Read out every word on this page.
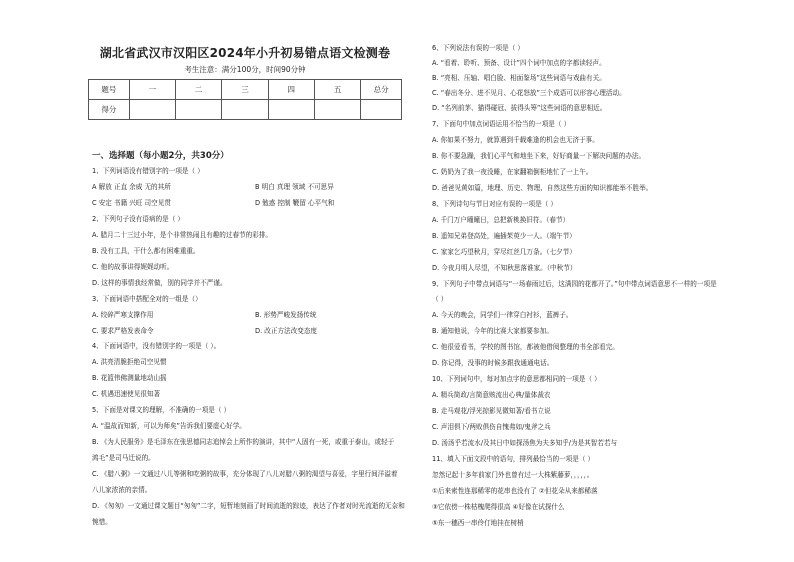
湖北省武汉市汉阳区2024年小升初易错点语文检测卷
考生注意：满分100分，时间90分钟
题号	一	二	三	四	五	总分
得分						
一、选择题（每小题2分，共30分）
1、下列词语没有错别字的一项是（ ）
A 解放 正直 余威 无的其所	B 明白 真理 领域 不可思异
C 安定 书籍 兴旺 司空见贯	D 勉惑 控制 鞭留 心平气和
2、下列句子没有语病的是（ ）
A. 腊月二十三过小年，是个非常热闹且有趣的过春节的彩排。
B. 没有工具，干什么都有困难重重。
C. 他的故事讲得娓娓动听。
D. 这样的事情我经常做，别的同学并不严谨。
3、下面词语中搭配全对的一组是（）
A. 绞碎严寒支撑作用	B. 形势严峻发扬传统
C. 要求严格发表命令	D. 改正方法改变态度
4、下面词语中，没有错别字的一项是（ ）。
A. 洪亮清脆拒绝司空见惯
B. 花篮伟佛测量地动山摇
C. 机遇迅速使见很知著
5、下面是对课文的理解，不准确的一项是（ ）
A. “温故而知新，可以为师矣”告诉我们要虚心好学。
B. 《为人民服务》是毛泽东在张思德同志追悼会上所作的演讲，其中“人固有一死，或重于泰山，或轻于
鸿毛”是司马迁说的。
C. 《腊八粥》一文通过八儿等粥和吃粥的故事，充分体现了八儿对腊八粥的渴望与喜爱，字里行间洋溢着
八儿家浓浓的亲情。
D. 《匆匆》一文通过课文题目“匆匆”二字，短暂地刻画了时间流逝的踪迹，表达了作者对时光流逝的无奈和
惋惜。
6、下列说法有误的一项是（ ）
A. “看着、聆听、预备、设计”四个词中加点的字都读轻声。
B. “亮相、压轴、唱白脸、相面鉴场”这些词语与戏曲有关。
C. “春出冬分、进不见月、心花怒放”三个成语可以形容心理活动。
D. “名列前茅、猫得碰冠、拔得头筹”这些词语的意思相近。
7、下面句中加点词语运用不恰当的一项是（ ）
A. 你如果不努力，就算遇到千载难逢的机会也无济于事。
B. 你不要急躁，我们心平气和地坐下来，好好商量一下解决问题的办法。
C. 奶奶为了我一夜没睡，在家翻箱倒柜地忙了一上午。
D. 爸爸见黄如篇，地理、历史、物理、自然这些方面的知识都能举不胜举。
8、下列诗句与节日对应有误的一项是（ ）
A. 千门万户曈曈日，总把新桃换旧符。（春节）
B. 遥知兄弟登高处，遍插茱萸少一人。（端午节）
C. 家家乞巧望秋月，穿尽红丝几万条。（七夕节）
D. 今夜月明人尽望，不知秋思落谁家。（中秋节）
9、下列句子中带点词语与“一场春雨过后，这满园的花都开了。”句中带点词语意思不一样的一项是
（ ）
A. 今天的晚会，同学们一律穿白衬衫，蓝裤子。
B. 通知他说，今年的比赛大家都要参加。
C. 他很爱看书，学校的图书馆，都被他借阅整理的书全部看完。
D. 你记得，没事的时候多跟我通通电话。
10、下列词句中，每对加点字的意思都相同的一项是（ ）
A. 精兵简政/言简意赅流出心典/量体裁衣
B. 走马观花/浮光掠影见微知著/看书立说
C. 声泪俱下/两败俱伤自愧弗如/鬼斧之兵
D. 汤汤乎若流水/及其日中如探汤焦为夫多知乎/为是其智若若与
11、填入下面文段中的语句，排列最恰当的一项是（ ）
忽然记起十多年前家门外也曾有过一大株紫藤萝，，，，，。
①后来索性连那稀零的花串也没有了 ②但花朵从来都稀落
③它依傍一株枯槐爬得很高 ④好像在试探什么
⑤东一穗西一串伶仃地挂在树梢
